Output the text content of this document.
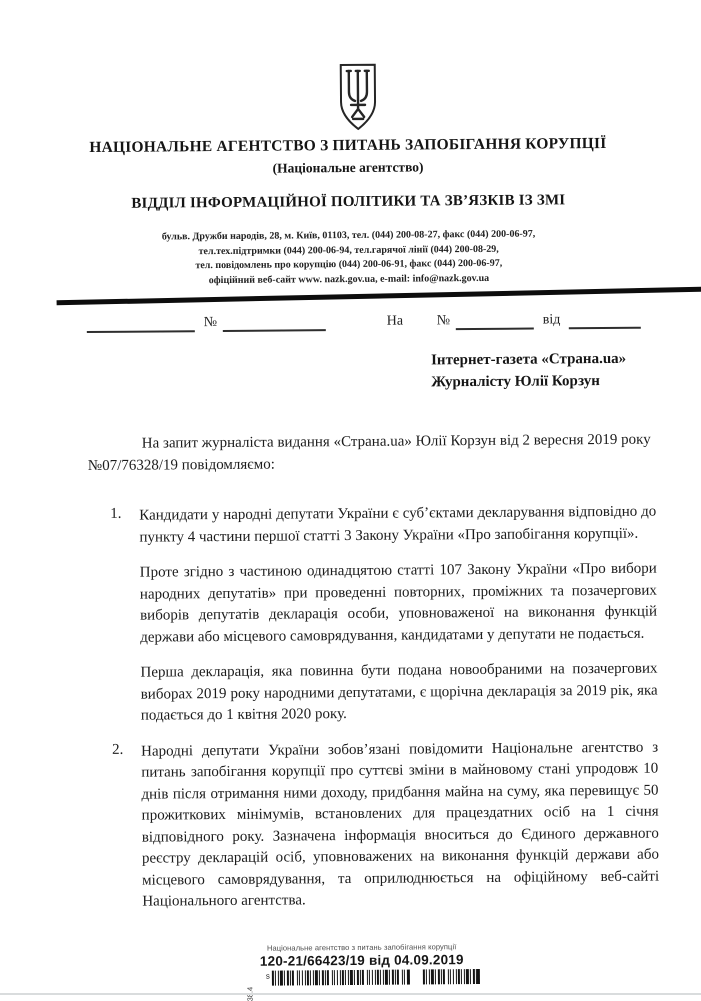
НАЦІОНАЛЬНЕ АГЕНТСТВО З ПИТАНЬ ЗАПОБІГАННЯ КОРУПЦІЇ
(Національне агентство)
ВІДДІЛ ІНФОРМАЦІЙНОЇ ПОЛІТИКИ ТА ЗВ’ЯЗКІВ ІЗ ЗМІ
бульв. Дружби народів, 28, м. Київ, 01103, тел. (044) 200-08-27, факс (044) 200-06-97,
тел.тех.підтримки (044) 200-06-94, тел.гарячої лінії (044) 200-08-29,
тел. повідомлень про корупцію (044) 200-06-91, факс (044) 200-06-97,
офіційний веб-сайт www. nazk.gov.ua, e-mail: info@nazk.gov.ua
№	На №	від
Інтернет-газета «Страна.uа»
Журналісту Юлії Корзун
На запит журналіста видання «Страна.uа» Юлії Корзун від 2 вересня 2019 року №07/76328/19 повідомляємо:
1. Кандидати у народні депутати України є суб’єктами декларування відповідно до пункту 4 частини першої статті 3 Закону України «Про запобігання корупції».

Проте згідно з частиною одинадцятою статті 107 Закону України «Про вибори народних депутатів» при проведенні повторних, проміжних та позачергових виборів депутатів декларація особи, уповноваженої на виконання функцій держави або місцевого самоврядування, кандидатами у депутати не подається.

Перша декларація, яка повинна бути подана новообраними на позачергових виборах 2019 року народними депутатами, є щорічна декларація за 2019 рік, яка подається до 1 квітня 2020 року.

2. Народні депутати України зобов’язані повідомити Національне агентство з питань запобігання корупції про суттєві зміни в майновому стані упродовж 10 днів після отримання ними доходу, придбання майна на суму, яка перевищує 50 прожиткових мінімумів, встановлених для працездатних осіб на 1 січня відповідного року. Зазначена інформація вноситься до Єдиного державного реєстру декларацій осіб, уповноважених на виконання функцій держави або місцевого самоврядування, та оприлюднюється на офіційному веб-сайті Національного агентства.

Національне агентство з питань запобігання корупції
120-21/66423/19 від 04.09.2019
s
